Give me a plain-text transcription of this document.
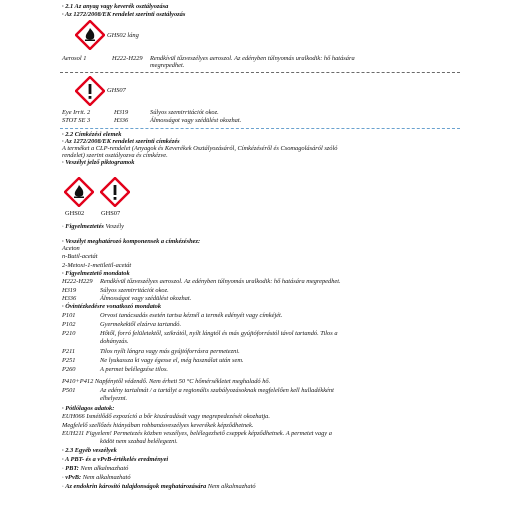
· 2.1 Az anyag vagy keverék osztályozása
· Az 1272/2008/EK rendelet szerinti osztályozás
GHS02 láng
Aerosol 1	H222-H229 Rendkívül tűzveszélyes aeroszol. Az edényben túlnyomás uralkodik: hő hatására
megrepedhet.
GHS07
Eye Irrit. 2	H319	Súlyos szemirritációt okoz.
STOT SE 3	H336	Álmosságot vagy szédülést okozhat.
· 2.2 Címkézési elemek
· Az 1272/2008/EK rendelet szerinti címkézés
A terméket a CLP-rendelet (Anyagok és Keverékek Osztályozásáról, Címkézéséről és Csomagolásáról szóló
rendelet) szerint osztályozva és címkézve.
· Veszélyt jelző piktogramok
GHS02	GHS07
· Figyelmeztetés Veszély
· Veszélyt meghatározó komponensek a címkézéshez:
Aceton
n-Butil-acetát
2-Metoxi-1-metiletil-acetát
· Figyelmeztető mondatok
H222-H229 Rendkívül tűzveszélyes aeroszol. Az edényben túlnyomás uralkodik: hő hatására megrepedhet.
H319	Súlyos szemirritációt okoz.
H336	Álmosságot vagy szédülést okozhat.
· Óvintézkedésre vonatkozó mondatok
P101	Orvosi tanácsadás esetén tartsa kéznél a termék edényét vagy címkéjét.
P102	Gyermekektől elzárva tartandó.
P210	Hőtől, forró felületektől, szikrától, nyílt lángtól és más gyújtóforrástól távol tartandó. Tilos a
dohányzás.
P211	Tilos nyílt lángra vagy más gyújtóforrásra permetezni.
P251	Ne lyukassza ki vagy égesse el, még használat után sem.
P260	A permet belélegzése tilos.
P410+P412 Napfénytől védendő. Nem érheti 50 °C hőmérsékletet meghaladó hő.
P501	Az edény tartalmát / a tartályt a regionális szabályozásoknak megfelelően kell hulladékként
elhelyezni.
· Pótlólagos adatok:
EUH066 Ismétlődő expozíció a bőr kiszáradását vagy megrepedezését okozhatja.
Megfelelő szellőzés hiányában robbanásveszélyes keverékek képződhetnek.
EUH211 Figyelem! Permetezés közben veszélyes, belélegezhető cseppek képződhetnek. A permetet vagy a
ködöt nem szabad belélegezni.
· 2.3 Egyéb veszélyek
· A PBT- és a vPvB-értékelés eredményei
· PBT: Nem alkalmazható
· vPvB: Nem alkalmazható
· Az endokrin károsító tulajdonságok meghatározására Nem alkalmazható
